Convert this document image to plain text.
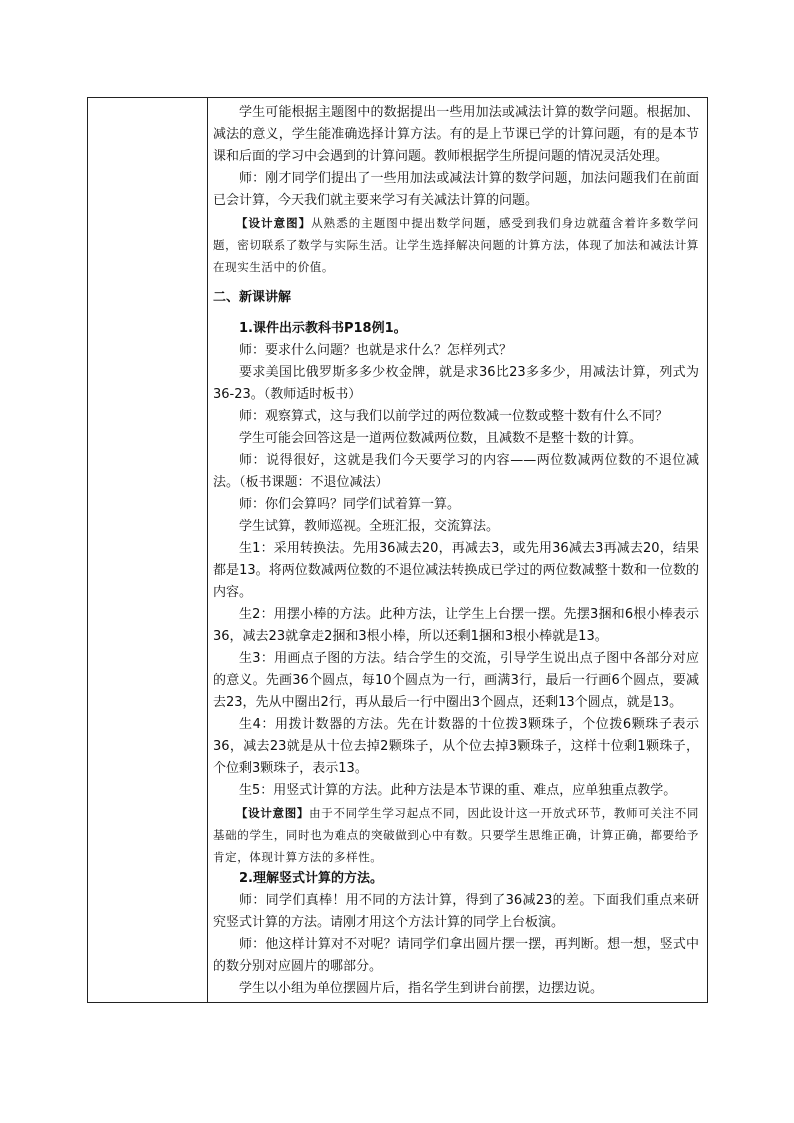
学生可能根据主题图中的数据提出一些用加法或减法计算的数学问题。根据加、减法的意义，学生能准确选择计算方法。有的是上节课已学的计算问题，有的是本节课和后面的学习中会遇到的计算问题。教师根据学生所提问题的情况灵活处理。

师：刚才同学们提出了一些用加法或减法计算的数学问题，加法问题我们在前面已会计算，今天我们就主要来学习有关减法计算的问题。

【设计意图】从熟悉的主题图中提出数学问题，感受到我们身边就蕴含着许多数学问题，密切联系了数学与实际生活。让学生选择解决问题的计算方法，体现了加法和减法计算在现实生活中的价值。

二、新课讲解

1.课件出示教科书P18例1。

师：要求什么问题？也就是求什么？怎样列式？

要求美国比俄罗斯多多少枚金牌，就是求36比23多多少，用减法计算，列式为36-23。（教师适时板书）

师：观察算式，这与我们以前学过的两位数减一位数或整十数有什么不同？

学生可能会回答这是一道两位数减两位数，且减数不是整十数的计算。

师：说得很好，这就是我们今天要学习的内容——两位数减两位数的不退位减法。（板书课题：不退位减法）

师：你们会算吗？同学们试着算一算。

学生试算，教师巡视。全班汇报，交流算法。

生1：采用转换法。先用36减去20，再减去3，或先用36减去3再减去20，结果都是13。将两位数减两位数的不退位减法转换成已学过的两位数减整十数和一位数的内容。

生2：用摆小棒的方法。此种方法，让学生上台摆一摆。先摆3捆和6根小棒表示36，减去23就拿走2捆和3根小棒，所以还剩1捆和3根小棒就是13。

生3：用画点子图的方法。结合学生的交流，引导学生说出点子图中各部分对应的意义。先画36个圆点，每10个圆点为一行，画满3行，最后一行画6个圆点，要减去23，先从中圈出2行，再从最后一行中圈出3个圆点，还剩13个圆点，就是13。

生4：用拨计数器的方法。先在计数器的十位拨3颗珠子，个位拨6颗珠子表示36，减去23就是从十位去掉2颗珠子，从个位去掉3颗珠子，这样十位剩1颗珠子，个位剩3颗珠子，表示13。

生5：用竖式计算的方法。此种方法是本节课的重、难点，应单独重点教学。

【设计意图】由于不同学生学习起点不同，因此设计这一开放式环节，教师可关注不同基础的学生，同时也为难点的突破做到心中有数。只要学生思维正确，计算正确，都要给予肯定，体现计算方法的多样性。

2.理解竖式计算的方法。

师：同学们真棒！用不同的方法计算，得到了36减23的差。下面我们重点来研究竖式计算的方法。请刚才用这个方法计算的同学上台板演。

师：他这样计算对不对呢？请同学们拿出圆片摆一摆，再判断。想一想，竖式中的数分别对应圆片的哪部分。

学生以小组为单位摆圆片后，指名学生到讲台前摆，边摆边说。
